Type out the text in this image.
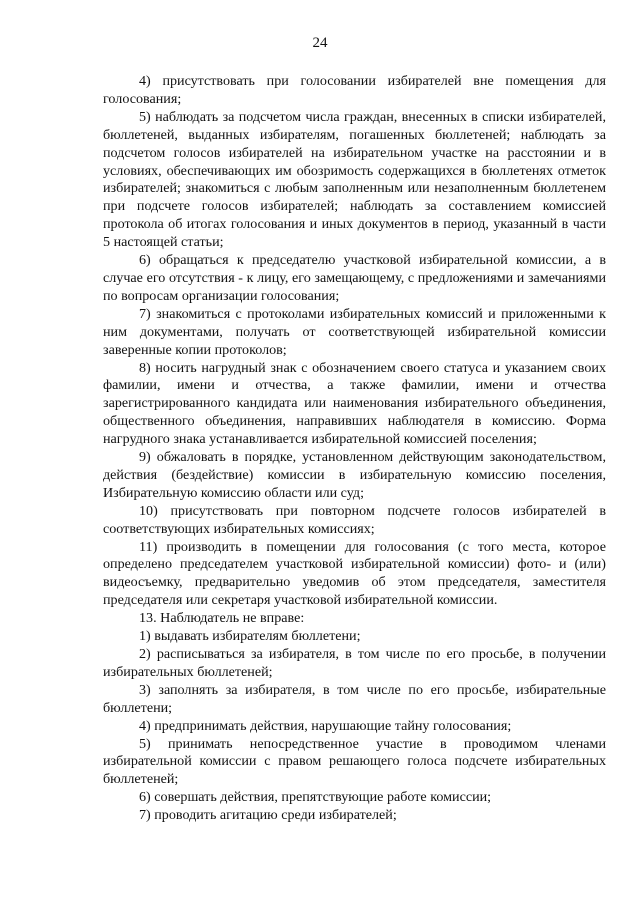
24

4) присутствовать при голосовании избирателей вне помещения для голосования;

5) наблюдать за подсчетом числа граждан, внесенных в списки избирателей, бюллетеней, выданных избирателям, погашенных бюллетеней; наблюдать за подсчетом голосов избирателей на избирательном участке на расстоянии и в условиях, обеспечивающих им обозримость содержащихся в бюллетенях отметок избирателей; знакомиться с любым заполненным или незаполненным бюллетенем при подсчете голосов избирателей; наблюдать за составлением комиссией протокола об итогах голосования и иных документов в период, указанный в части 5 настоящей статьи;

6) обращаться к председателю участковой избирательной комиссии, а в случае его отсутствия - к лицу, его замещающему, с предложениями и замечаниями по вопросам организации голосования;

7) знакомиться с протоколами избирательных комиссий и приложенными к ним документами, получать от соответствующей избирательной комиссии заверенные копии протоколов;

8) носить нагрудный знак с обозначением своего статуса и указанием своих фамилии, имени и отчества, а также фамилии, имени и отчества зарегистрированного кандидата или наименования избирательного объединения, общественного объединения, направивших наблюдателя в комиссию. Форма нагрудного знака устанавливается избирательной комиссией поселения;

9) обжаловать в порядке, установленном действующим законодательством, действия (бездействие) комиссии в избирательную комиссию поселения, Избирательную комиссию области или суд;

10) присутствовать при повторном подсчете голосов избирателей в соответствующих избирательных комиссиях;

11) производить в помещении для голосования (с того места, которое определено председателем участковой избирательной комиссии) фото- и (или) видеосъемку, предварительно уведомив об этом председателя, заместителя председателя или секретаря участковой избирательной комиссии.

13. Наблюдатель не вправе:

1) выдавать избирателям бюллетени;

2) расписываться за избирателя, в том числе по его просьбе, в получении избирательных бюллетеней;

3) заполнять за избирателя, в том числе по его просьбе, избирательные бюллетени;

4) предпринимать действия, нарушающие тайну голосования;

5) принимать непосредственное участие в проводимом членами избирательной комиссии с правом решающего голоса подсчете избирательных бюллетеней;

6) совершать действия, препятствующие работе комиссии;

7) проводить агитацию среди избирателей;
